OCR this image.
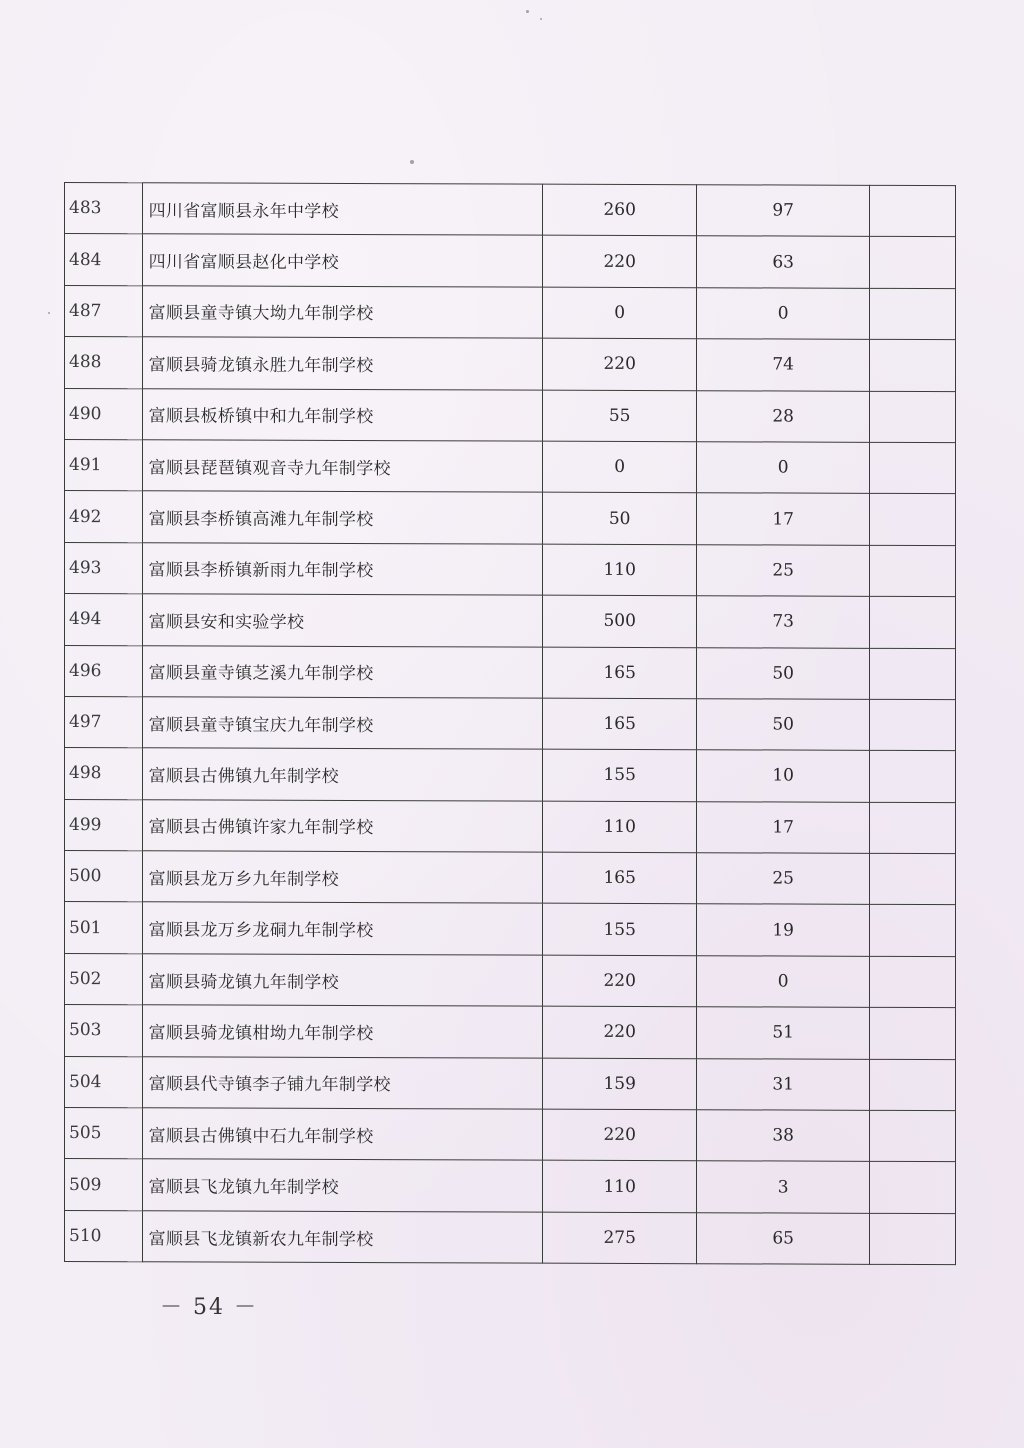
483	四川省富顺县永年中学校	260	97	
484	四川省富顺县赵化中学校	220	63	
487	富顺县童寺镇大坳九年制学校	0	0	
488	富顺县骑龙镇永胜九年制学校	220	74	
490	富顺县板桥镇中和九年制学校	55	28	
491	富顺县琵琶镇观音寺九年制学校	0	0	
492	富顺县李桥镇高滩九年制学校	50	17	
493	富顺县李桥镇新雨九年制学校	110	25	
494	富顺县安和实验学校	500	73	
496	富顺县童寺镇芝溪九年制学校	165	50	
497	富顺县童寺镇宝庆九年制学校	165	50	
498	富顺县古佛镇九年制学校	155	10	
499	富顺县古佛镇许家九年制学校	110	17	
500	富顺县龙万乡九年制学校	165	25	
501	富顺县龙万乡龙硐九年制学校	155	19	
502	富顺县骑龙镇九年制学校	220	0	
503	富顺县骑龙镇柑坳九年制学校	220	51	
504	富顺县代寺镇李子铺九年制学校	159	31	
505	富顺县古佛镇中石九年制学校	220	38	
509	富顺县飞龙镇九年制学校	110	3	
510	富顺县飞龙镇新农九年制学校	275	65	
－ 54 －
